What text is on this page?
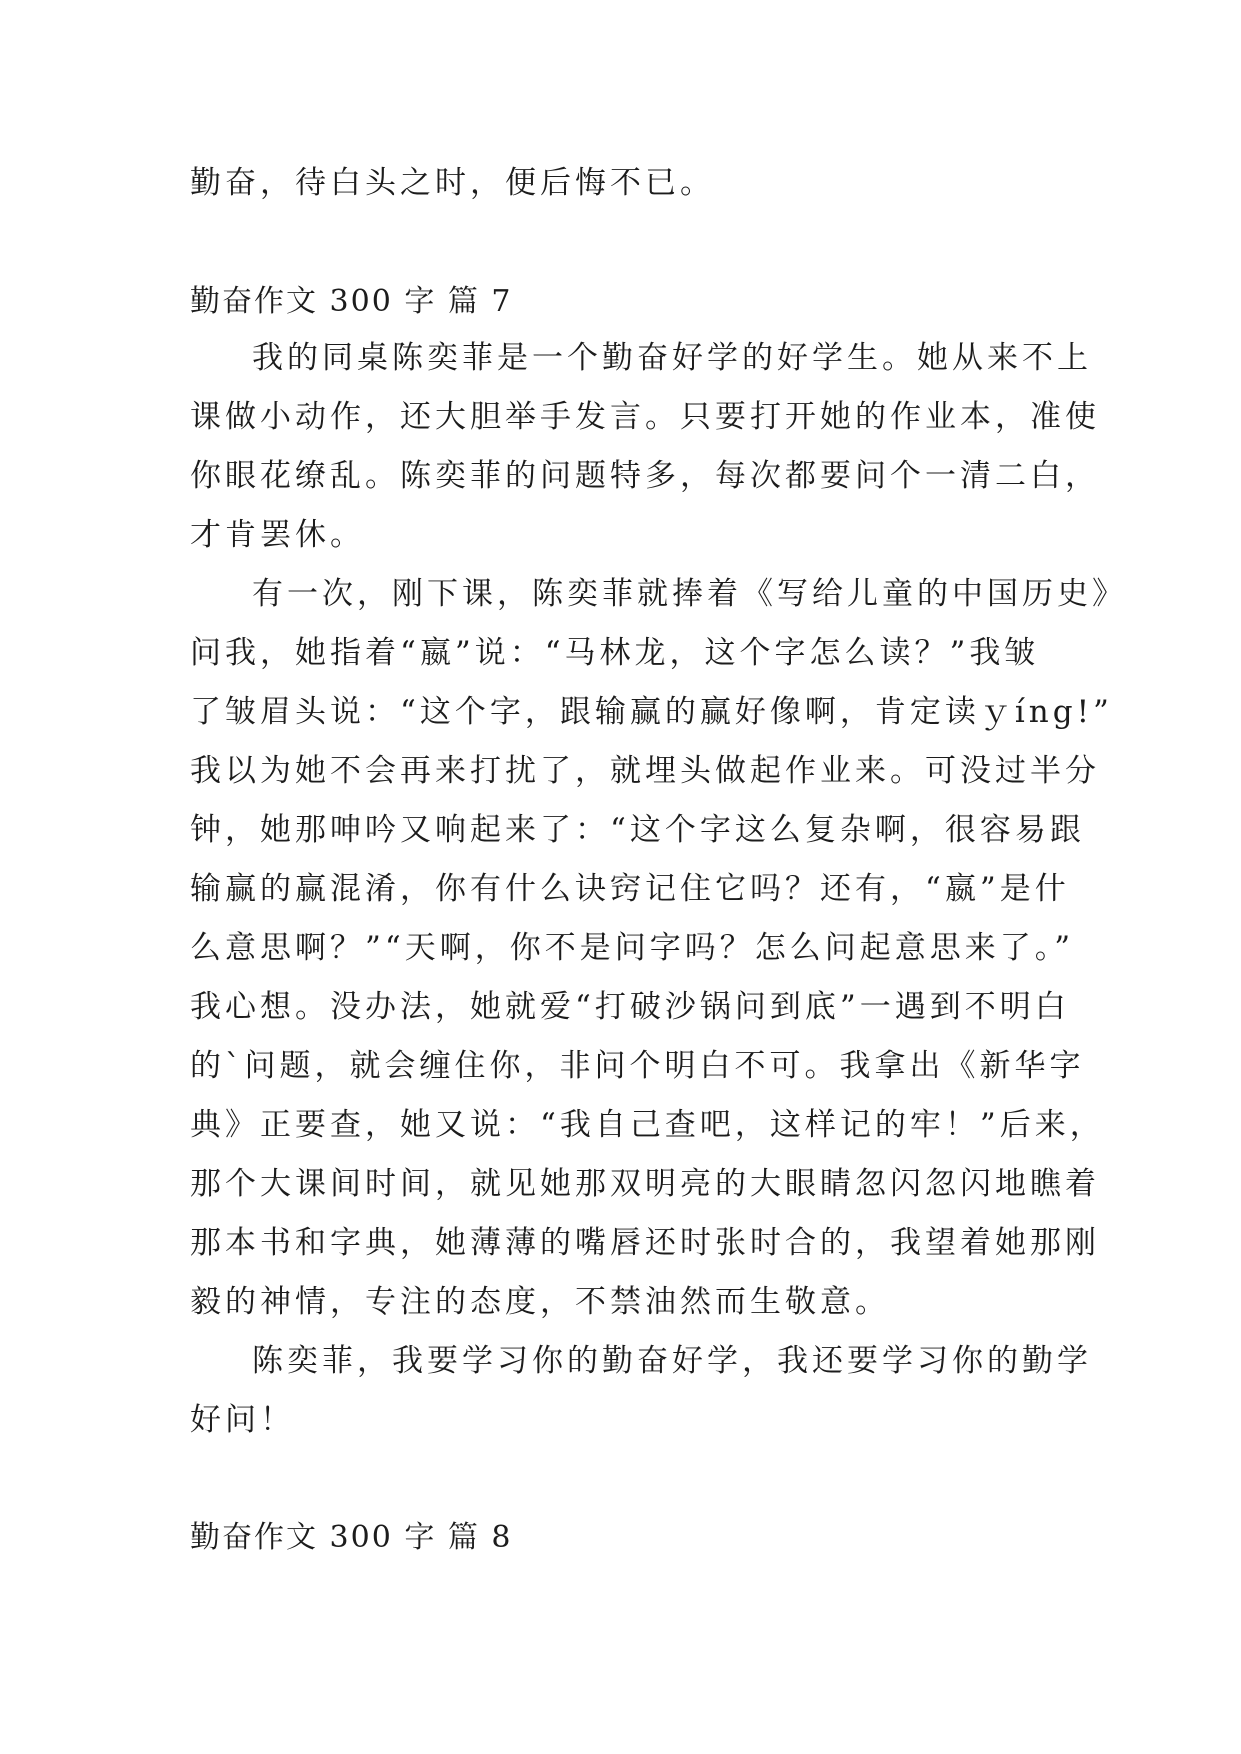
勤奋，待白头之时，便后悔不已。
勤奋作文 300 字 篇 7
我的同桌陈奕菲是一个勤奋好学的好学生。她从来不上
课做小动作，还大胆举手发言。只要打开她的作业本，准使
你眼花缭乱。陈奕菲的问题特多，每次都要问个一清二白，
才肯罢休。
有一次，刚下课，陈奕菲就捧着《写给儿童的中国历史》
问我，她指着“嬴”说：“马林龙，这个字怎么读？”我皱
了皱眉头说：“这个字，跟输赢的赢好像啊，肯定读ｙíng!”
我以为她不会再来打扰了，就埋头做起作业来。可没过半分
钟，她那呻吟又响起来了：“这个字这么复杂啊，很容易跟
输赢的赢混淆，你有什么诀窍记住它吗？还有，“嬴”是什
么意思啊？”“天啊，你不是问字吗？怎么问起意思来了。”
我心想。没办法，她就爱“打破沙锅问到底”一遇到不明白
的`问题，就会缠住你，非问个明白不可。我拿出《新华字
典》正要查，她又说：“我自己查吧，这样记的牢！”后来，
那个大课间时间，就见她那双明亮的大眼睛忽闪忽闪地瞧着
那本书和字典，她薄薄的嘴唇还时张时合的，我望着她那刚
毅的神情，专注的态度，不禁油然而生敬意。
陈奕菲，我要学习你的勤奋好学，我还要学习你的勤学
好问！
勤奋作文 300 字 篇 8
